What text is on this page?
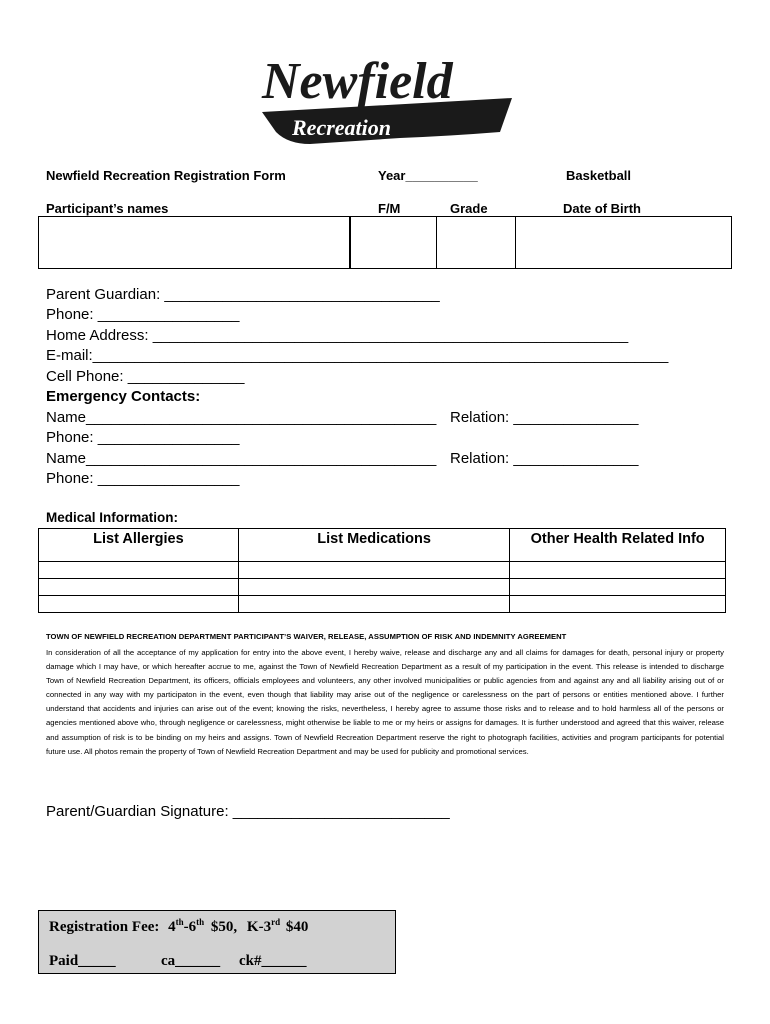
Newfield
Recreation
Newfield Recreation Registration Form	Year__________	Basketball
Participant’s names	F/M	Grade	Date of Birth
Parent Guardian: _________________________________
Phone: _________________
Home Address: _________________________________________________________
E-mail:_____________________________________________________________________
Cell Phone: ______________
Emergency Contacts:
Name__________________________________________ Relation: _______________
Phone: _________________
Name__________________________________________ Relation: _______________
Phone: _________________
Medical Information:
List Allergies	List Medications	Other Health Related Info

TOWN OF NEWFIELD RECREATION DEPARTMENT PARTICIPANT’S WAIVER, RELEASE, ASSUMPTION OF RISK AND INDEMNITY AGREEMENT
In consideration of all the acceptance of my application for entry into the above event, I hereby waive, release and discharge any and all claims for damages for death, personal injury or property damage which I may have, or which hereafter accrue to me, against the Town of Newfield Recreation Department as a result of my participation in the event. This release is intended to discharge Town of Newfield Recreation Department, its officers, officials employees and volunteers, any other involved municipalities or public agencies from and against any and all liability arising out of or connected in any way with my participaton in the event, even though that liability may arise out of the negligence or carelessness on the part of persons or entities mentioned above. I further understand that accidents and injuries can arise out of the event; knowing the risks, nevertheless, I hereby agree to assume those risks and to release and to hold harmless all of the persons or agencies mentioned above who, through negligence or carelessness, might otherwise be liable to me or my heirs or assigns for damages. It is further understood and agreed that this waiver, release and assumption of risk is to be binding on my heirs and assigns. Town of Newfield Recreation Department reserve the right to photograph facilities, activities and program participants for potential future use. All photos remain the property of Town of Newfield Recreation Department and may be used for publicity and promotional services.
Parent/Guardian Signature: __________________________
Registration Fee: 4th-6th $50, K-3rd $40
Paid_____	ca______ ck#______
